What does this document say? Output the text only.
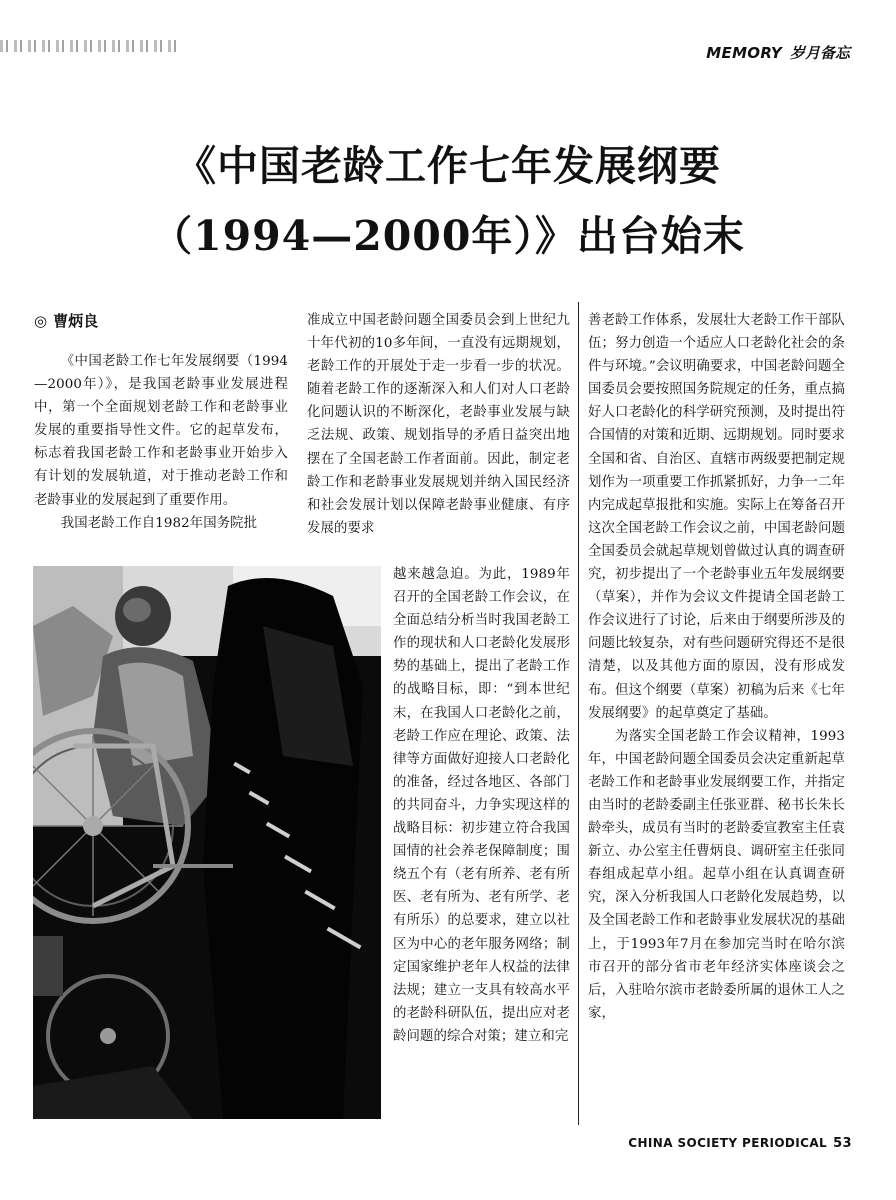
MEMORY 岁月备忘
《中国老龄工作七年发展纲要
（1994—2000年）》出台始末
◎ 曹炳良

《中国老龄工作七年发展纲要（1994—2000年）》，是我国老龄事业发展进程中，第一个全面规划老龄工作和老龄事业发展的重要指导性文件。它的起草发布，标志着我国老龄工作和老龄事业开始步入有计划的发展轨道，对于推动老龄工作和老龄事业的发展起到了重要作用。

我国老龄工作自1982年国务院批

准成立中国老龄问题全国委员会到上世纪九十年代初的10多年间，一直没有远期规划，老龄工作的开展处于走一步看一步的状况。随着老龄工作的逐渐深入和人们对人口老龄化问题认识的不断深化，老龄事业发展与缺乏法规、政策、规划指导的矛盾日益突出地摆在了全国老龄工作者面前。因此，制定老龄工作和老龄事业发展规划并纳入国民经济和社会发展计划以保障老龄事业健康、有序发展的要求

越来越急迫。为此，1989年召开的全国老龄工作会议，在全面总结分析当时我国老龄工作的现状和人口老龄化发展形势的基础上，提出了老龄工作的战略目标，即：“到本世纪末，在我国人口老龄化之前，老龄工作应在理论、政策、法律等方面做好迎接人口老龄化的准备，经过各地区、各部门的共同奋斗，力争实现这样的战略目标：初步建立符合我国国情的社会养老保障制度；围绕五个有（老有所养、老有所医、老有所为、老有所学、老有所乐）的总要求，建立以社区为中心的老年服务网络；制定国家维护老年人权益的法律法规；建立一支具有较高水平的老龄科研队伍，提出应对老龄问题的综合对策；建立和完

善老龄工作体系，发展壮大老龄工作干部队伍；努力创造一个适应人口老龄化社会的条件与环境。”会议明确要求，中国老龄问题全国委员会要按照国务院规定的任务，重点搞好人口老龄化的科学研究预测，及时提出符合国情的对策和近期、远期规划。同时要求全国和省、自治区、直辖市两级要把制定规划作为一项重要工作抓紧抓好，力争一二年内完成起草报批和实施。实际上在筹备召开这次全国老龄工作会议之前，中国老龄问题全国委员会就起草规划曾做过认真的调查研究，初步提出了一个老龄事业五年发展纲要（草案），并作为会议文件提请全国老龄工作会议进行了讨论，后来由于纲要所涉及的问题比较复杂，对有些问题研究得还不是很清楚，以及其他方面的原因，没有形成发布。但这个纲要（草案）初稿为后来《七年发展纲要》的起草奠定了基础。

为落实全国老龄工作会议精神，1993年，中国老龄问题全国委员会决定重新起草老龄工作和老龄事业发展纲要工作，并指定由当时的老龄委副主任张亚群、秘书长朱长龄牵头，成员有当时的老龄委宣教室主任袁新立、办公室主任曹炳良、调研室主任张同春组成起草小组。起草小组在认真调查研究，深入分析我国人口老龄化发展趋势，以及全国老龄工作和老龄事业发展状况的基础上，于1993年7月在参加完当时在哈尔滨市召开的部分省市老年经济实体座谈会之后，入驻哈尔滨市老龄委所属的退休工人之家，

CHINA SOCIETY PERIODICAL 53
